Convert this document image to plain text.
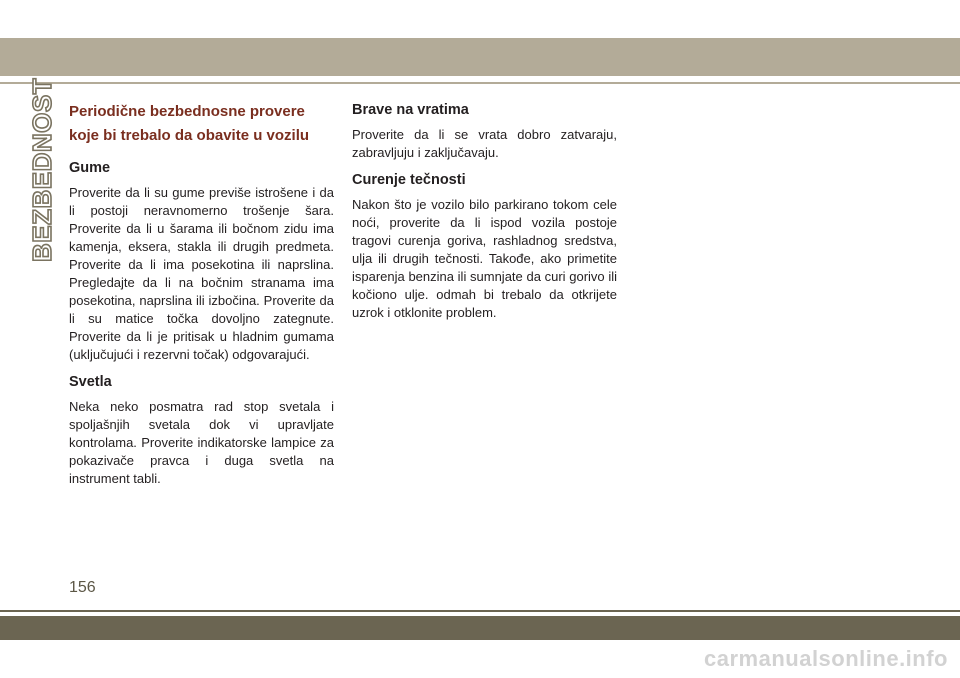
BEZBEDNOST Periodične bezbednosne provere koje bi trebalo da obavite u vozilu
Gume

Proverite da li su gume previše istrošene i da li postoji neravnomerno trošenje šara. Proverite da li u šarama ili bočnom zidu ima kamenja, eksera, stakla ili drugih predmeta. Proverite da li ima posekotina ili naprslina. Pregledajte da li na bočnim stranama ima posekotina, naprslina ili izbočina. Proverite da li su matice točka dovoljno zategnute. Proverite da li je pritisak u hladnim gumama (uključujući i rezervni točak) odgovarajući.

Svetla

Neka neko posmatra rad stop svetala i spoljašnjih svetala dok vi upravljate kontrolama. Proverite indikatorske lampice za pokazivače pravca i duga svetla na instrument tabli.

Brave na vratima

Proverite da li se vrata dobro zatvaraju, zabravljuju i zaključavaju.

Curenje tečnosti

Nakon što je vozilo bilo parkirano tokom cele noći, proverite da li ispod vozila postoje tragovi curenja goriva, rashladnog sredstva, ulja ili drugih tečnosti. Takođe, ako primetite isparenja benzina ili sumnjate da curi gorivo ili kočiono ulje. odmah bi trebalo da otkrijete uzrok i otklonite problem.

156
carmanualsonline.info
